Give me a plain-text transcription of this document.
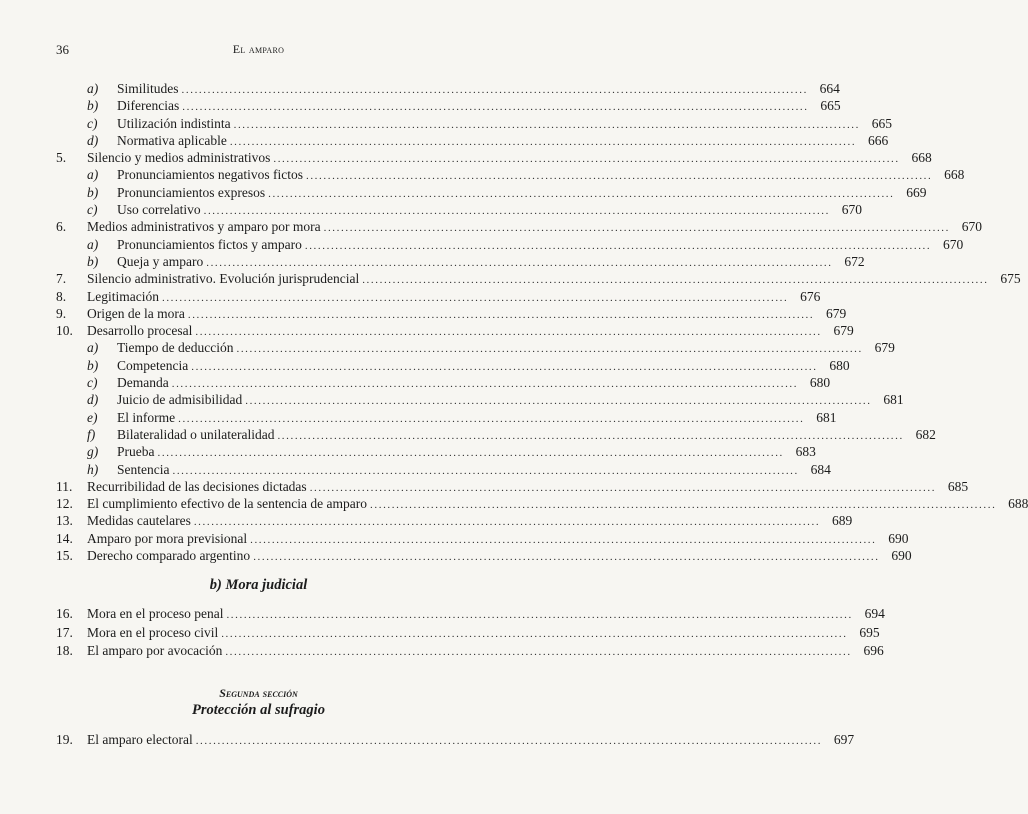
36	El amparo
a) Similitudes ................................................................................................................................................ 664
b) Diferencias ................................................................................................................................................ 665
c) Utilización indistinta ................................................................................................................................................ 665
d) Normativa aplicable ................................................................................................................................................ 666
5. Silencio y medios administrativos ................................................................................................................................................ 668
a) Pronunciamientos negativos fictos ................................................................................................................................................ 668
b) Pronunciamientos expresos ................................................................................................................................................ 669
c) Uso correlativo ................................................................................................................................................ 670
6. Medios administrativos y amparo por mora ................................................................................................................................................ 670
a) Pronunciamientos fictos y amparo ................................................................................................................................................ 670
b) Queja y amparo ................................................................................................................................................ 672
7. Silencio administrativo. Evolución jurisprudencial ................................................................................................................................................ 675
8. Legitimación ................................................................................................................................................ 676
9. Origen de la mora ................................................................................................................................................ 679
10. Desarrollo procesal ................................................................................................................................................ 679
a) Tiempo de deducción ................................................................................................................................................ 679
b) Competencia ................................................................................................................................................ 680
c) Demanda ................................................................................................................................................ 680
d) Juicio de admisibilidad ................................................................................................................................................ 681
e) El informe ................................................................................................................................................ 681
f) Bilateralidad o unilateralidad ................................................................................................................................................ 682
g) Prueba ................................................................................................................................................ 683
h) Sentencia ................................................................................................................................................ 684
11. Recurribilidad de las decisiones dictadas ................................................................................................................................................ 685
12. El cumplimiento efectivo de la sentencia de amparo ................................................................................................................................................ 688
13. Medidas cautelares ................................................................................................................................................ 689
14. Amparo por mora previsional ................................................................................................................................................ 690
15. Derecho comparado argentino ................................................................................................................................................ 690
b) Mora judicial
16. Mora en el proceso penal ................................................................................................................................................ 694
17. Mora en el proceso civil ................................................................................................................................................ 695
18. El amparo por avocación ................................................................................................................................................ 696
Segunda sección
Protección al sufragio
19. El amparo electoral ................................................................................................................................................ 697
